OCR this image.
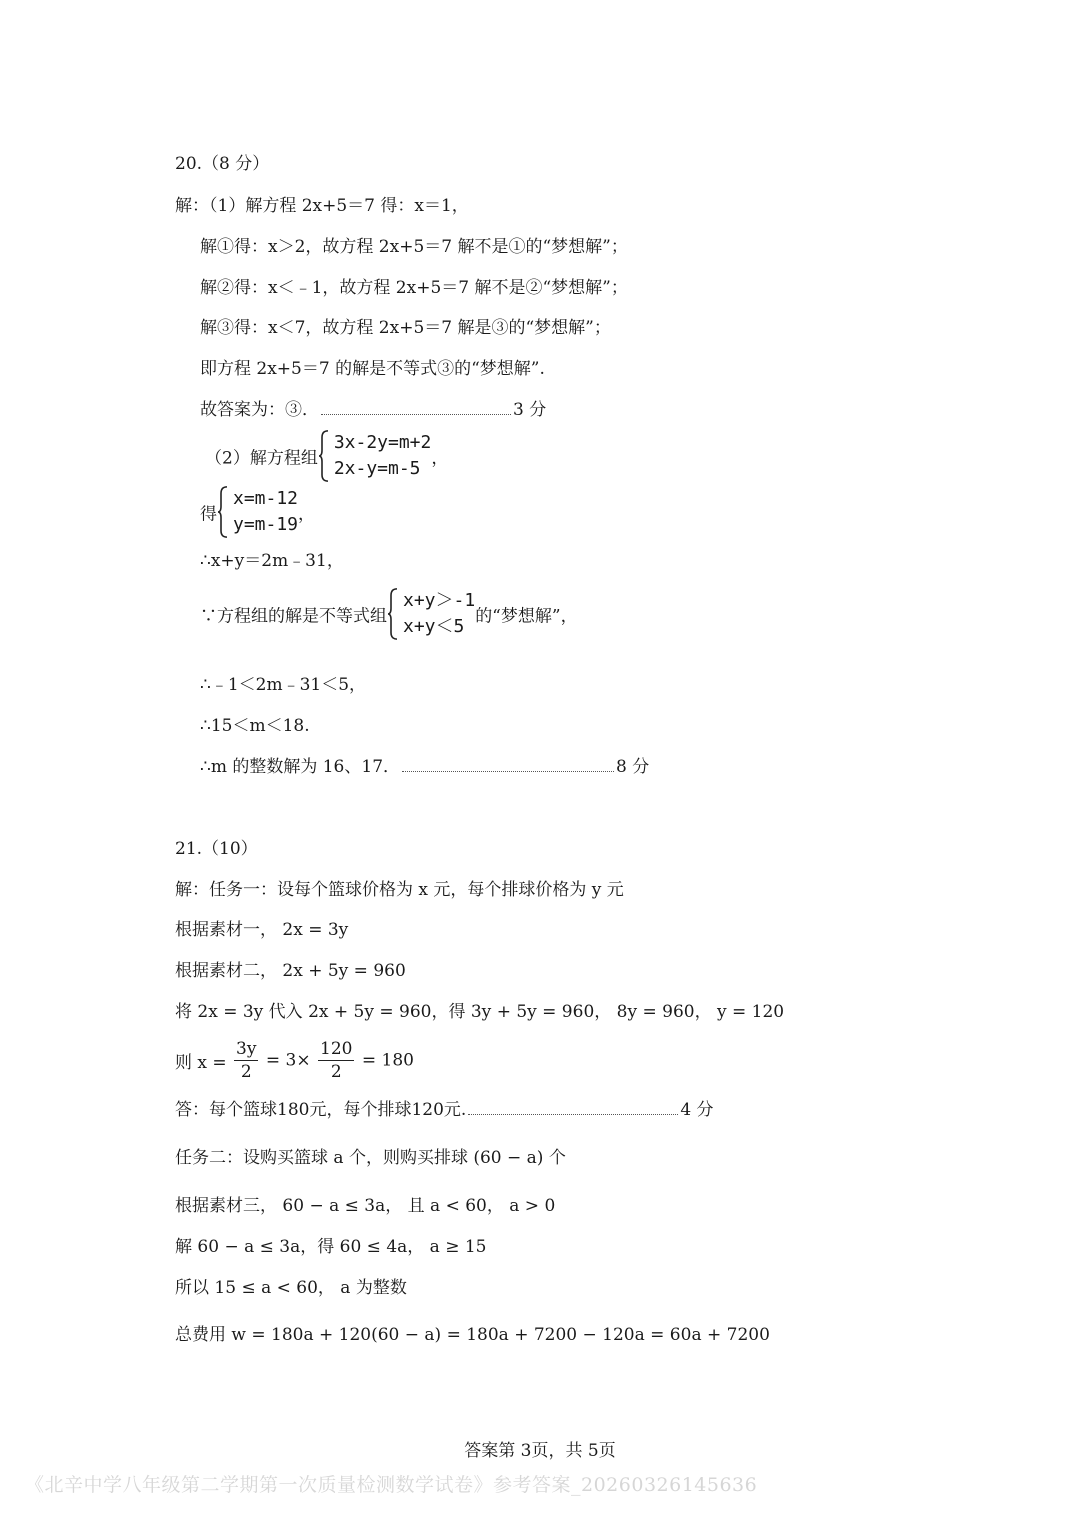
20.（8 分）
解：（1）解方程 2x+5＝7 得：x＝1，
解①得：x＞2，故方程 2x+5＝7 解不是①的“梦想解”；
解②得：x＜﹣1，故方程 2x+5＝7 解不是②“梦想解”；
解③得：x＜7，故方程 2x+5＝7 解是③的“梦想解”；
即方程 2x+5＝7 的解是不等式③的“梦想解”.
故答案为：③．	3 分
（2）解方程组
3x-2y=m+2
2x-y=m-5 ，
得
x=m-12
y=m-19，
∴x+y＝2m﹣31，
∵方程组的解是不等式组
x+y＞-1
x+y＜5 的“梦想解”，
∴﹣1＜2m﹣31＜5，
∴15＜m＜18.
∴m 的整数解为 16、17．	8 分
21.（10）
解：任务一：设每个篮球价格为 x 元，每个排球价格为 y 元
根据素材一， 2x = 3y
根据素材二， 2x + 5y = 960
将 2x = 3y 代入 2x + 5y = 960，得 3y + 5y = 960， 8y = 960， y = 120
则 $x = \frac{3y}{2} = 3\times \frac{120}{2} = 180$
答：每个篮球180元，每个排球120元.	4 分
任务二：设购买篮球 a 个，则购买排球 (60 − a) 个
根据素材三， 60 − a ≤ 3a， 且 a < 60， a > 0
解 60 − a ≤ 3a，得 60 ≤ 4a， a ≥ 15
所以 15 ≤ a < 60， a 为整数
总费用 w = 180a + 120(60 − a) = 180a + 7200 − 120a = 60a + 7200
答案第 3页，共 5页
《北辛中学八年级第二学期第一次质量检测数学试卷》参考答案_20260326145636
